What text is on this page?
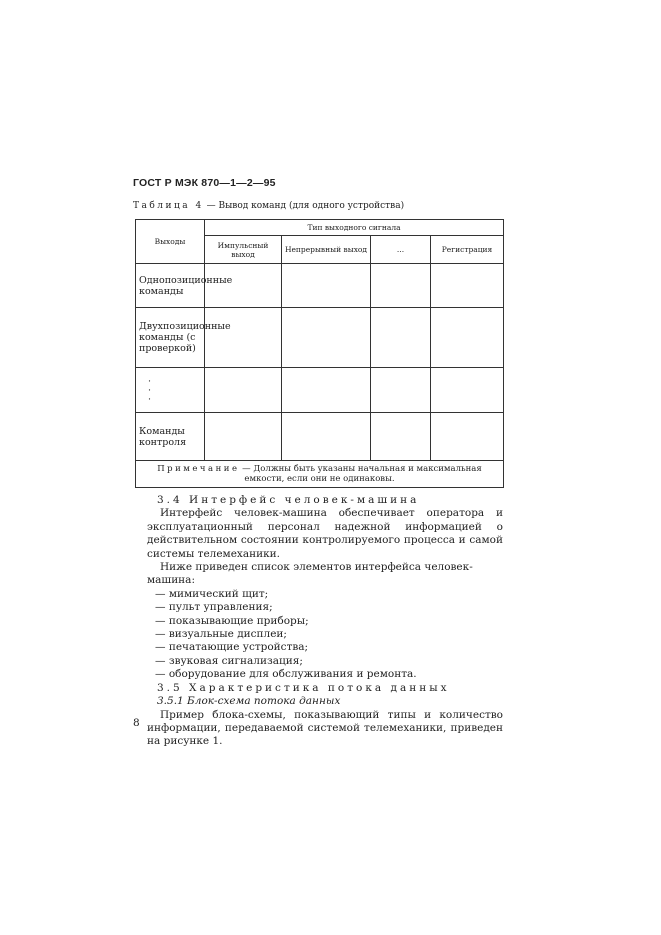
ГОСТ Р МЭК 870—1—2—95
Таблица 4 — Вывод команд (для одного устройства)
Выходы	Тип выходного сигнала			
	Импульсный выход	Непрерывный выход	...	Регистрация
Однопозиционные команды				
Двухпозиционные команды (с проверкой)				
·
·
·				
Команды контроля				
Примечание — Должны быть указаны начальная и максимальная емкости, если они не одинаковы.				

3.4 Интерфейс человек-машина

Интерфейс человек-машина обеспечивает оператора и эксплуатационный персонал надежной информацией о действительном состоянии контролируемого процесса и самой системы телемеханики.

Ниже приведен список элементов интерфейса человек-машина:

— мимический щит;

— пульт управления;

— показывающие приборы;

— визуальные дисплеи;

— печатающие устройства;

— звуковая сигнализация;

— оборудование для обслуживания и ремонта.

3.5 Характеристика потока данных

3.5.1 Блок-схема потока данных

Пример блока-схемы, показывающий типы и количество информации, передаваемой системой телемеханики, приведен на рисунке 1.

8
